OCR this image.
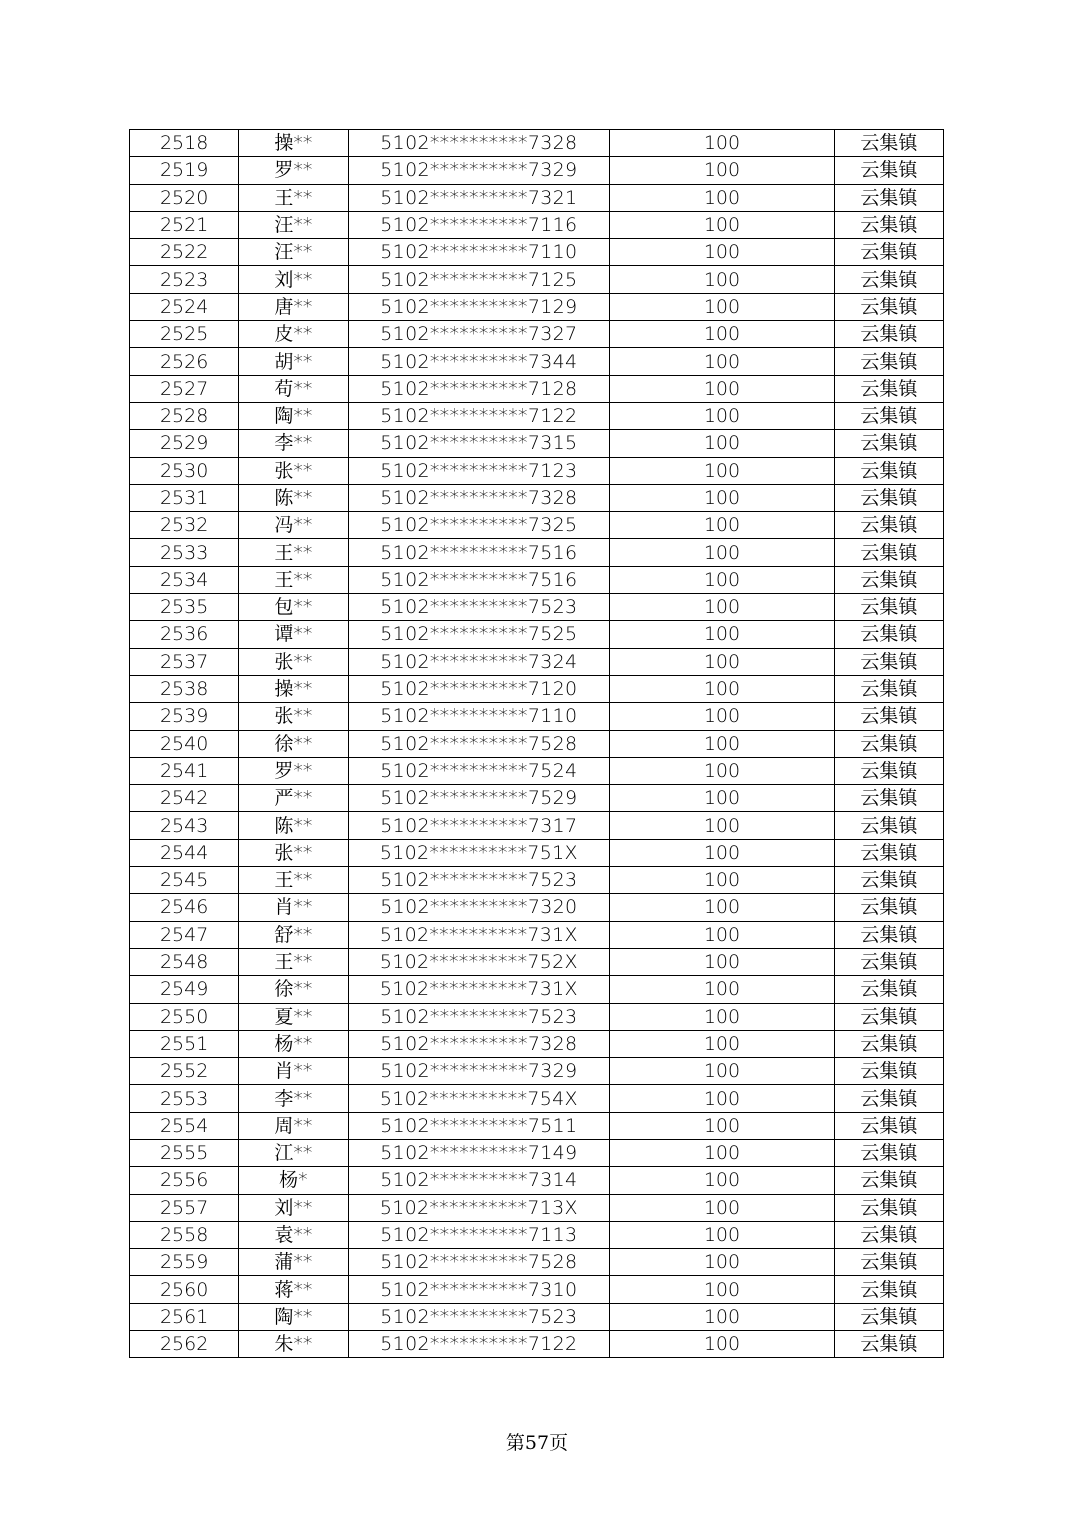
2518	操**	5102**********7328	100	云集镇
2519	罗**	5102**********7329	100	云集镇
2520	王**	5102**********7321	100	云集镇
2521	汪**	5102**********7116	100	云集镇
2522	汪**	5102**********7110	100	云集镇
2523	刘**	5102**********7125	100	云集镇
2524	唐**	5102**********7129	100	云集镇
2525	皮**	5102**********7327	100	云集镇
2526	胡**	5102**********7344	100	云集镇
2527	苟**	5102**********7128	100	云集镇
2528	陶**	5102**********7122	100	云集镇
2529	李**	5102**********7315	100	云集镇
2530	张**	5102**********7123	100	云集镇
2531	陈**	5102**********7328	100	云集镇
2532	冯**	5102**********7325	100	云集镇
2533	王**	5102**********7516	100	云集镇
2534	王**	5102**********7516	100	云集镇
2535	包**	5102**********7523	100	云集镇
2536	谭**	5102**********7525	100	云集镇
2537	张**	5102**********7324	100	云集镇
2538	操**	5102**********7120	100	云集镇
2539	张**	5102**********7110	100	云集镇
2540	徐**	5102**********7528	100	云集镇
2541	罗**	5102**********7524	100	云集镇
2542	严**	5102**********7529	100	云集镇
2543	陈**	5102**********7317	100	云集镇
2544	张**	5102**********751X	100	云集镇
2545	王**	5102**********7523	100	云集镇
2546	肖**	5102**********7320	100	云集镇
2547	舒**	5102**********731X	100	云集镇
2548	王**	5102**********752X	100	云集镇
2549	徐**	5102**********731X	100	云集镇
2550	夏**	5102**********7523	100	云集镇
2551	杨**	5102**********7328	100	云集镇
2552	肖**	5102**********7329	100	云集镇
2553	李**	5102**********754X	100	云集镇
2554	周**	5102**********7511	100	云集镇
2555	江**	5102**********7149	100	云集镇
2556	杨*	5102**********7314	100	云集镇
2557	刘**	5102**********713X	100	云集镇
2558	袁**	5102**********7113	100	云集镇
2559	蒲**	5102**********7528	100	云集镇
2560	蒋**	5102**********7310	100	云集镇
2561	陶**	5102**********7523	100	云集镇
2562	朱**	5102**********7122	100	云集镇
第57页
